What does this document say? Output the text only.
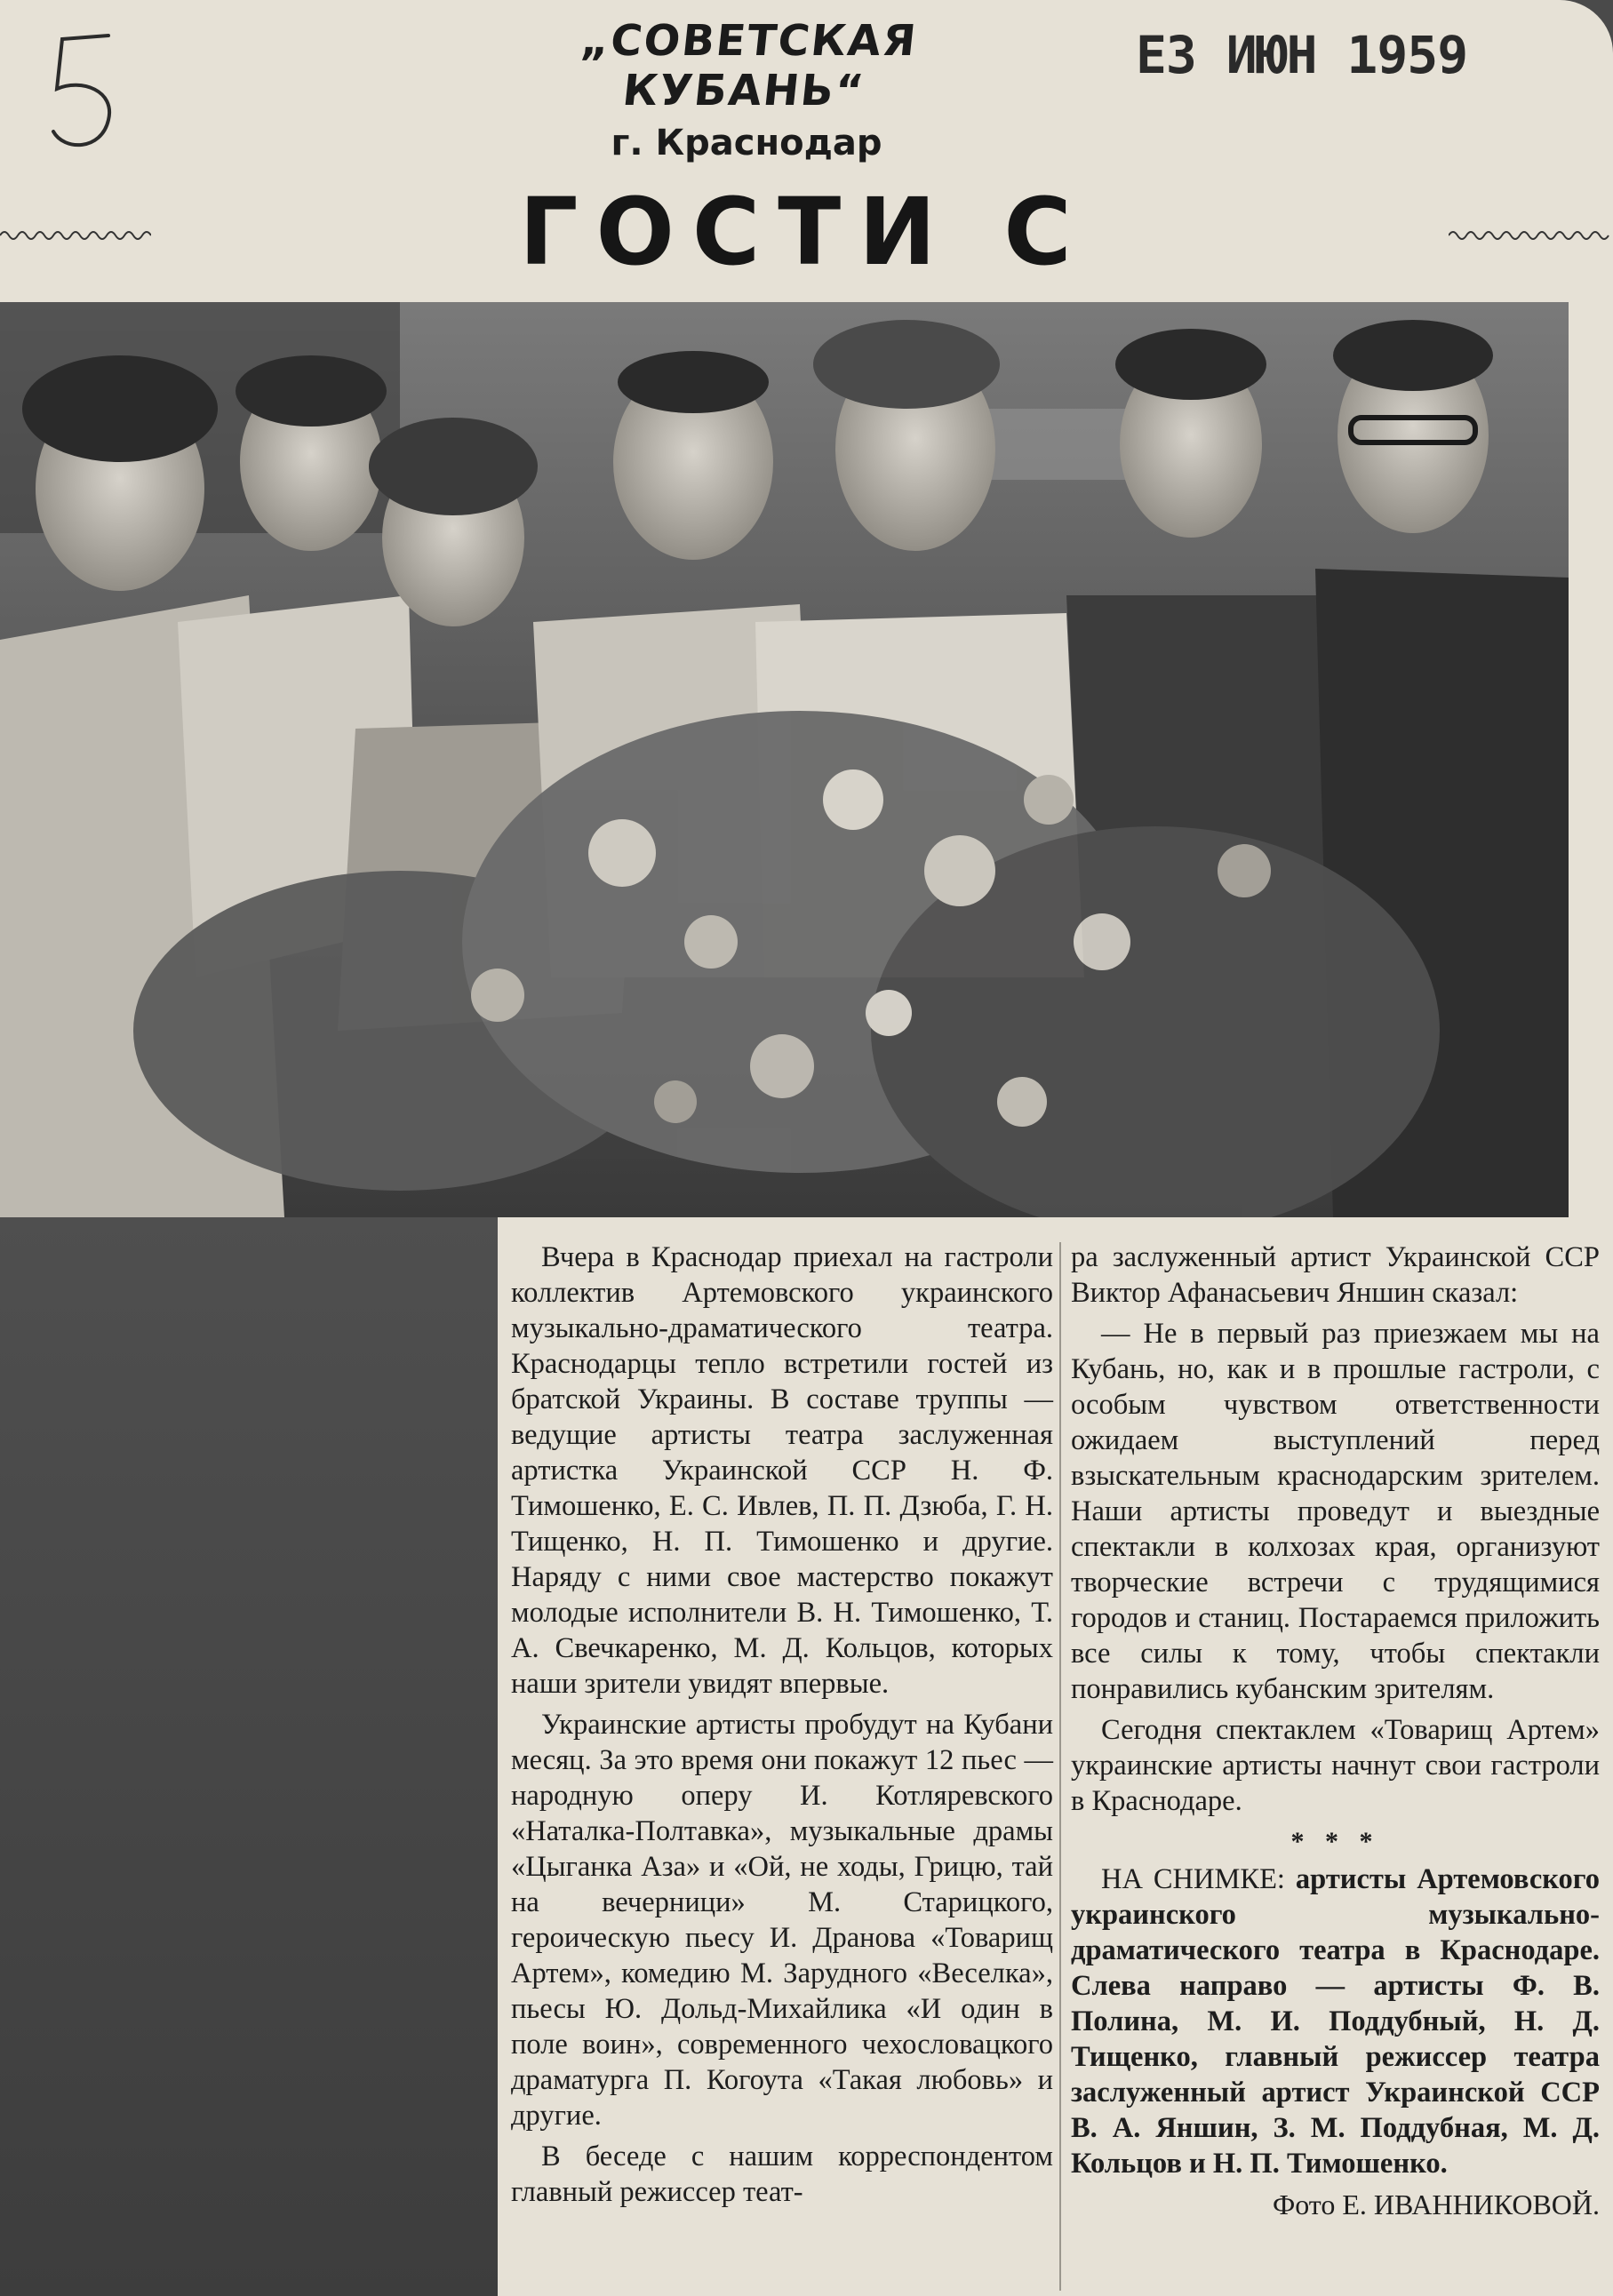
„СОВЕТСКАЯ КУБАНЬ“
г. Краснодар
Е3 ИЮН 1959
ГОСТИ С

Вчера в Краснодар приехал на гастроли коллектив Артемовского украинского музыкально-драматического театра. Краснодарцы тепло встретили гостей из братской Украины. В составе труппы — ведущие артисты театра заслуженная артистка Украинской ССР Н. Ф. Тимошенко, Е. С. Ивлев, П. П. Дзюба, Г. Н. Тищенко, Н. П. Тимошенко и другие. Наряду с ними свое мастерство покажут молодые исполнители В. Н. Тимошенко, Т. А. Свечкаренко, М. Д. Кольцов, которых наши зрители увидят впервые.

Украинские артисты пробудут на Кубани месяц. За это время они покажут 12 пьес — народную оперу И. Котляревского «Наталка-Полтавка», музыкальные драмы «Цыганка Аза» и «Ой, не ходы, Грицю, тай на вечерници» М. Старицкого, героическую пьесу И. Дранова «Товарищ Артем», комедию М. Зарудного «Веселка», пьесы Ю. Дольд-Михайлика «И один в поле воин», современного чехословацкого драматурга П. Когоута «Такая любовь» и другие.

В беседе с нашим корреспондентом главный режиссер теат-

ра заслуженный артист Украинской ССР Виктор Афанасьевич Яншин сказал:

— Не в первый раз приезжаем мы на Кубань, но, как и в прошлые гастроли, с особым чувством ответственности ожидаем выступлений перед взыскательным краснодарским зрителем. Наши артисты проведут и выездные спектакли в колхозах края, организуют творческие встречи с трудящимися городов и станиц. Постараемся приложить все силы к тому, чтобы спектакли понравились кубанским зрителям.

Сегодня спектаклем «Товарищ Артем» украинские артисты начнут свои гастроли в Краснодаре.

* * *

НА СНИМКЕ: артисты Артемовского украинского музыкально-драматического театра в Краснодаре. Слева направо — артисты Ф. В. Полина, М. И. Поддубный, Н. Д. Тищенко, главный режиссер театра заслуженный артист Украинской ССР В. А. Яншин, З. М. Поддубная, М. Д. Кольцов и Н. П. Тимошенко.

Фото Е. ИВАННИКОВОЙ.
